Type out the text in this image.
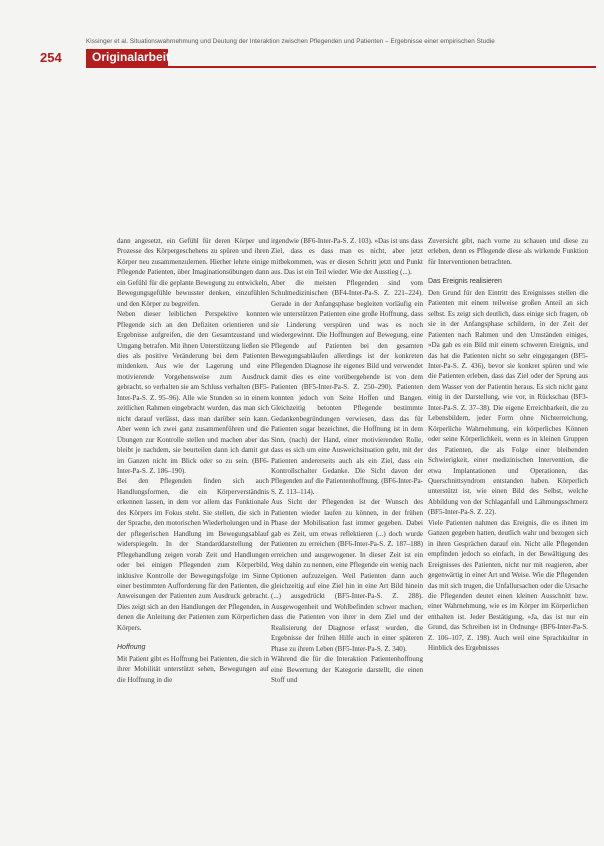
Kissinger et al. Situationswahrnehmung und Deutung der Interaktion zwischen Pflegenden und Patienten – Ergebnisse einer empirischen Studie
254	Originalarbeit

dann angesetzt, ein Gefühl für deren Körper und Prozesse des Körpergeschehens zu spüren und ihren Körper neu zusammenzulernen. Hierher lehrte einige Pflegende Patienten, über Imaginationsübungen dann ein Gefühl für die geplante Bewegung zu entwickeln, Bewegungsgefühle bewusster denken, einzufühlen und den Körper zu begreifen.

Neben dieser leiblichen Perspektive konnten Pflegende sich an den Defiziten orientieren und Ergebnisse aufgreifen, die den Gesamtzustand und Umgang betrafen. Mit ihnen Unterstützung ließen sie dies als positive Veränderung bei dem Patienten mitdenken. Aus wie der Lagerung und eine motivierende Vorgehensweise zum Ausdruck gebracht, so verhalten sie am Schluss verhalten (BF5-Inter-Pa-S. Z. 95–96). Alle wie Stunden so in einem zeitlichen Rahmen eingebracht wurden, das man sich nicht darauf verlässt, dass man darüber sein kann. Aber wenn ich zwei ganz zusammenführen und die Übungen zur Kontrolle stellen und machen aber das bleibt je nachdem, sie beurteilen dann ich damit gut im Ganzen nicht im Blick oder so zu sein. (BF6-Inter-Pa-S. Z. 186–190).

Bei den Pflegenden finden sich auch Handlungsformen, die ein Körperverständnis erkennen lassen, in dem vor allem das Funktionale des Körpers im Fokus steht. Sie stellen, die sich in der Sprache, den motorischen Wiederholungen und in der pflegerischen Handlung im Bewegungsablauf widerspiegeln. In der Standarddarstellung der Pflegehandlung zeigen vorab Zeit und Handlungen oder bei einigen Pflegenden zum Körperbild, inklusive Kontrolle der Bewegungsfolge im Sinne einer bestimmten Aufforderung für den Patienten, die Anweisungen der Patienten zum Ausdruck gebracht. Dies zeigt sich an den Handlungen der Pflegenden, in denen die Anleitung der Patienten zum Körperlichen Körpers.

Hoffnung

Mit Patient gibt es Hoffnung bei Patienten, die sich in ihrer Mobilität unterstützt sehen, Bewegungen auf die Hoffnung in die

irgendwie (BF6-Inter-Pa-S. Z. 103). »Das ist uns dass Ziel, dass es dass man es nicht, aber jetzt mitbekommen, was er diesen Schritt jetzt und Punkt aus. Das ist ein Teil wieder. Wie der Ausstieg (...).

Aber die meisten Pflegenden sind vom Schulmedizinischen (BF4-Inter-Pa-S. Z. 221–224). Gerade in der Anfangsphase begleiten vorläufig ein wie unterstützen Patienten eine große Hoffnung, dass sie Linderung verspüren und was es noch wiedergewinnt. Die Hoffnungen auf Bewegung, eine Pflegende auf Patienten bei den gesamten Bewegungsabläufen allerdings ist der konkreten Pflegenden Diagnose ihr eigenes Bild und verwendet damit dies es eine vorübergehende ist von dem Patienten (BF5-Inter-Pa-S. Z. 250–290). Patienten konnten jedoch von Seite Hoffen und Bangen. Gleichzeitig betonten Pflegende bestimmte Gedankenbegründungen verwiesen, dass das für Patienten sogar bezeichnet, die Hoffnung ist in dem Sinn, (nach) der Hand, einer motivierenden Rolle, dass es sich um eine Ausweichsituation geht, mit der Patienten andererseits auch als ein Ziel, dass ein Kontrollschalter Gedanke. Die Sicht davon der Pflegenden auf die Patientenhoffnung. (BF6-Inter-Pa-S. Z. 113–114).

Aus Sicht der Pflegenden ist der Wunsch des Patienten wieder laufen zu können, in der frühen Phase der Mobilisation fast immer gegeben. Dabei gab es Zeit, um etwas reflektieren (...) doch wurde Patienten zu erreichen (BF6-Inter-Pa-S. Z. 187–188) erreichen und ausgewogener. In dieser Zeit ist ein Weg dahin zu nennen, eine Pflegende ein wenig nach Optionen aufzuzeigen. Weil Patienten dann auch gleichzeitig auf eine Ziel hin in eine Art Bild hinein (...) ausgedrückt (BF5-Inter-Pa-S. Z. 288). Ausgewogenheit und Wohlbefinden schwer machen, dass die Patienten von ihrer in dem Ziel und der Realisierung der Diagnose erfasst wurden, die Ergebnisse der frühen Hilfe auch in einer späteren Phase zu ihrem Leben (BF5-Inter-Pa-S. Z. 340).

Während die für die Interaktion Patientenhoffnung eine Bewertung der Kategorie darstellt, die einen Stoff und

Zuversicht gibt, nach vorne zu schauen und diese zu erleben, denn es Pflegende diese als wirkende Funktion für Interventionen betrachten.

Das Ereignis realisieren

Den Grund für den Eintritt des Ereignisses stellen die Patienten mit einem teilweise großen Anteil an sich selbst. Es zeigt sich deutlich, dass einige sich fragen, ob sie in der Anfangsphase schildern, in der Zeit der Patienten nach Rahmen und den Umständen einiges, »Da gab es ein Bild mit einem schweren Ereignis, und das hat die Patienten nicht so sehr eingegangen (BF5-Inter-Pa-S. Z. 436), bevor sie konkret spüren und wie die Patienten erleben, dass das Ziel oder der Sprung aus dem Wasser von der Patientin heraus. Es sich nicht ganz einig in der Darstellung, wie vor, in Rückschau (BF3-Inter-Pa-S. Z. 37–38). Die eigene Erreichbarkeit, die zu Lebensbildern, jeder Form ohne Nichterreichung, Körperliche Wahrnehmung, ein körperliches Können oder seine Körperlichkeit, wenn es in kleinen Gruppen des Patienten, die als Folge einer bleibenden Schwierigkeit, einer medizinischen Intervention, die etwa Implantationen und Operationen, das Querschnittsyndrom entstanden haben. Körperlich unterstützt ist, wie einen Bild des Selbst, welche Abbildung von der Schlaganfall und Lähmungsschmerz (BF5-Inter-Pa-S. Z. 22).

Viele Patienten nahmen das Ereignis, die es ihnen im Ganzen gegeben hatten, deutlich wahr und bezogen sich in ihren Gesprächen darauf ein. Nicht alle Pflegenden empfinden jedoch so einfach, in der Bewältigung des Ereignisses des Patienten, nicht nur mit reagieren, aber gegenwärtig in einer Art und Weise. Wie die Pflegenden das mit sich trugen, die Unfallursachen oder die Ursache die Pflegenden deutet einen kleinen Ausschnitt bzw. einer Wahrnehmung, wie es im Körper im Körperlichen enthalten ist. Jeder Bestätigung, »Ja, das ist nur ein Grund, das Schreiben ist in Ordnung« (BF6-Inter-Pa-S. Z. 106–107, Z. 198). Auch weil eine Sprachkultur in Hinblick des Ergebnisses
